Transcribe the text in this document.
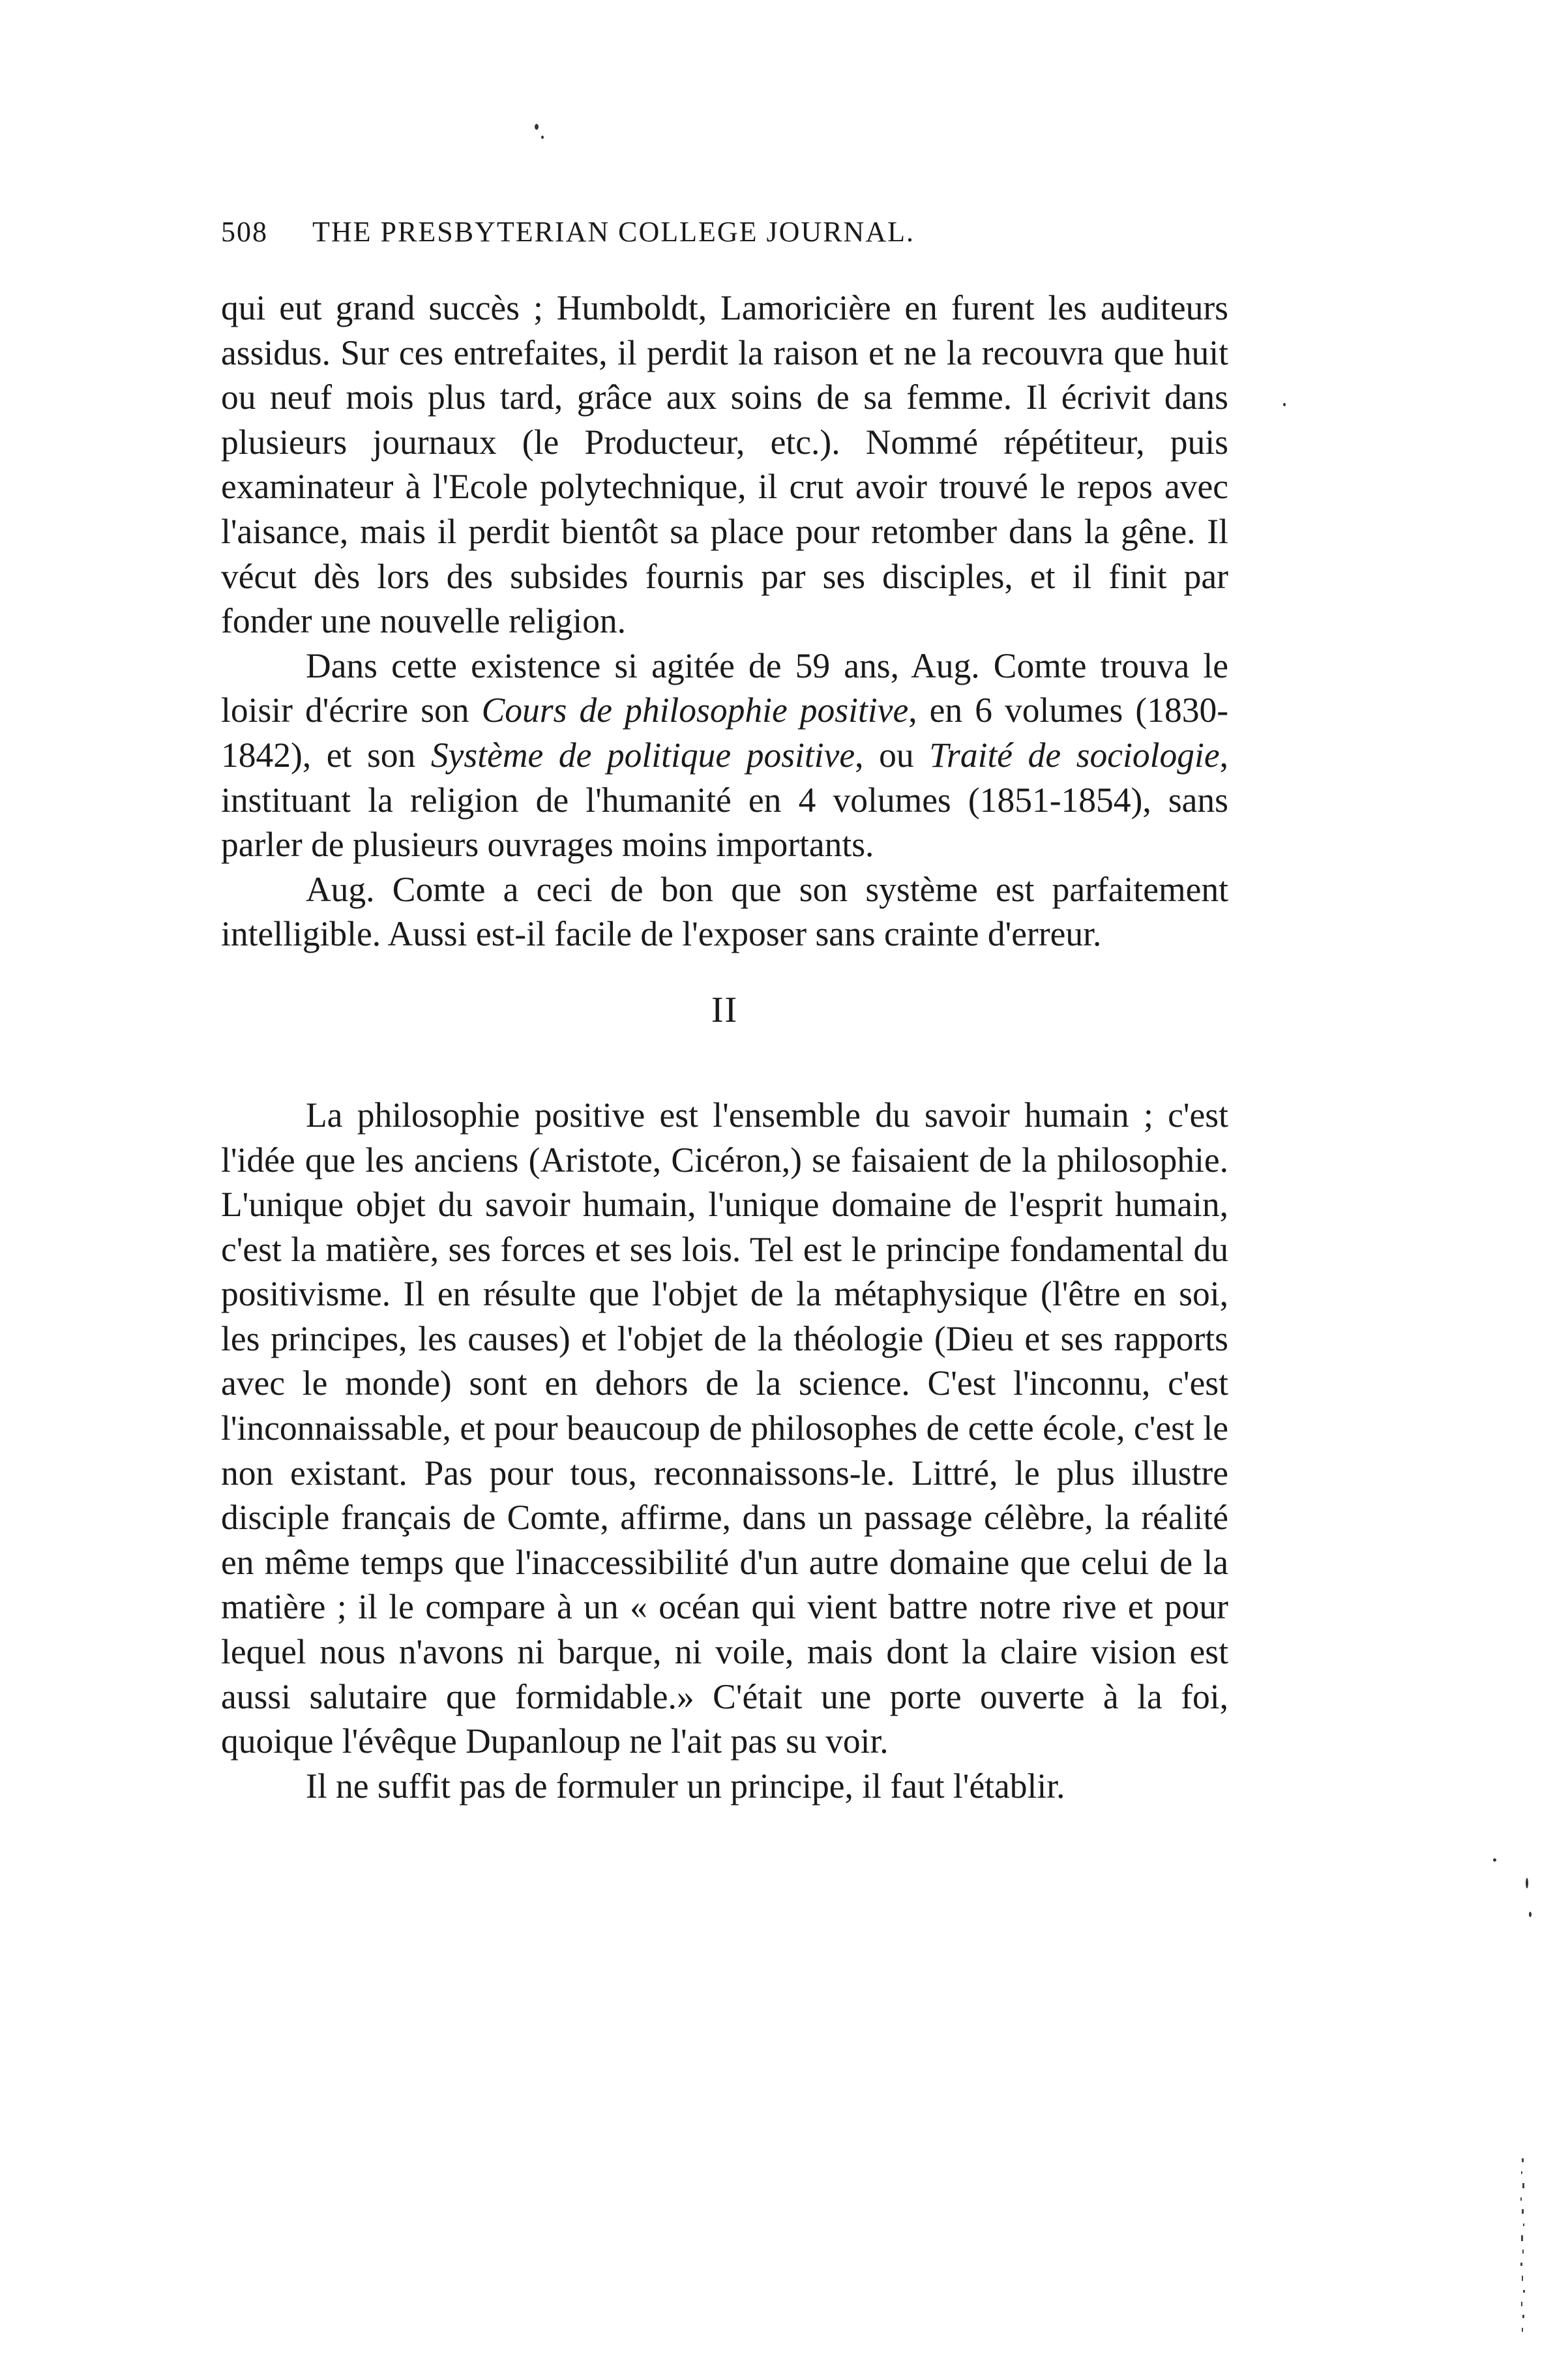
508 THE PRESBYTERIAN COLLEGE JOURNAL.

qui eut grand succès ; Humboldt, Lamoricière en furent les auditeurs assidus. Sur ces entrefaites, il perdit la raison et ne la recouvra que huit ou neuf mois plus tard, grâce aux soins de sa femme. Il écrivit dans plusieurs journaux (le Producteur, etc.). Nommé répétiteur, puis examinateur à l'Ecole polytechnique, il crut avoir trouvé le repos avec l'aisance, mais il perdit bientôt sa place pour retomber dans la gêne. Il vécut dès lors des subsides fournis par ses disciples, et il finit par fonder une nouvelle religion.

Dans cette existence si agitée de 59 ans, Aug. Comte trouva le loisir d'écrire son Cours de philosophie positive, en 6 volumes (1830-1842), et son Système de politique positive, ou Traité de sociologie, instituant la religion de l'humanité en 4 volumes (1851-1854), sans parler de plusieurs ouvrages moins importants.

Aug. Comte a ceci de bon que son système est parfaitement intelligible. Aussi est-il facile de l'exposer sans crainte d'erreur.

II

La philosophie positive est l'ensemble du savoir humain ; c'est l'idée que les anciens (Aristote, Cicéron,) se faisaient de la philosophie. L'unique objet du savoir humain, l'unique domaine de l'esprit humain, c'est la matière, ses forces et ses lois. Tel est le principe fondamental du positivisme. Il en résulte que l'objet de la métaphysique (l'être en soi, les principes, les causes) et l'objet de la théologie (Dieu et ses rapports avec le monde) sont en dehors de la science. C'est l'inconnu, c'est l'inconnaissable, et pour beaucoup de philosophes de cette école, c'est le non existant. Pas pour tous, reconnaissons-le. Littré, le plus illustre disciple français de Comte, affirme, dans un passage célèbre, la réalité en même temps que l'inaccessibilité d'un autre domaine que celui de la matière ; il le compare à un « océan qui vient battre notre rive et pour lequel nous n'avons ni barque, ni voile, mais dont la claire vision est aussi salutaire que formidable.» C'était une porte ouverte à la foi, quoique l'évêque Dupanloup ne l'ait pas su voir.

Il ne suffit pas de formuler un principe, il faut l'établir.
